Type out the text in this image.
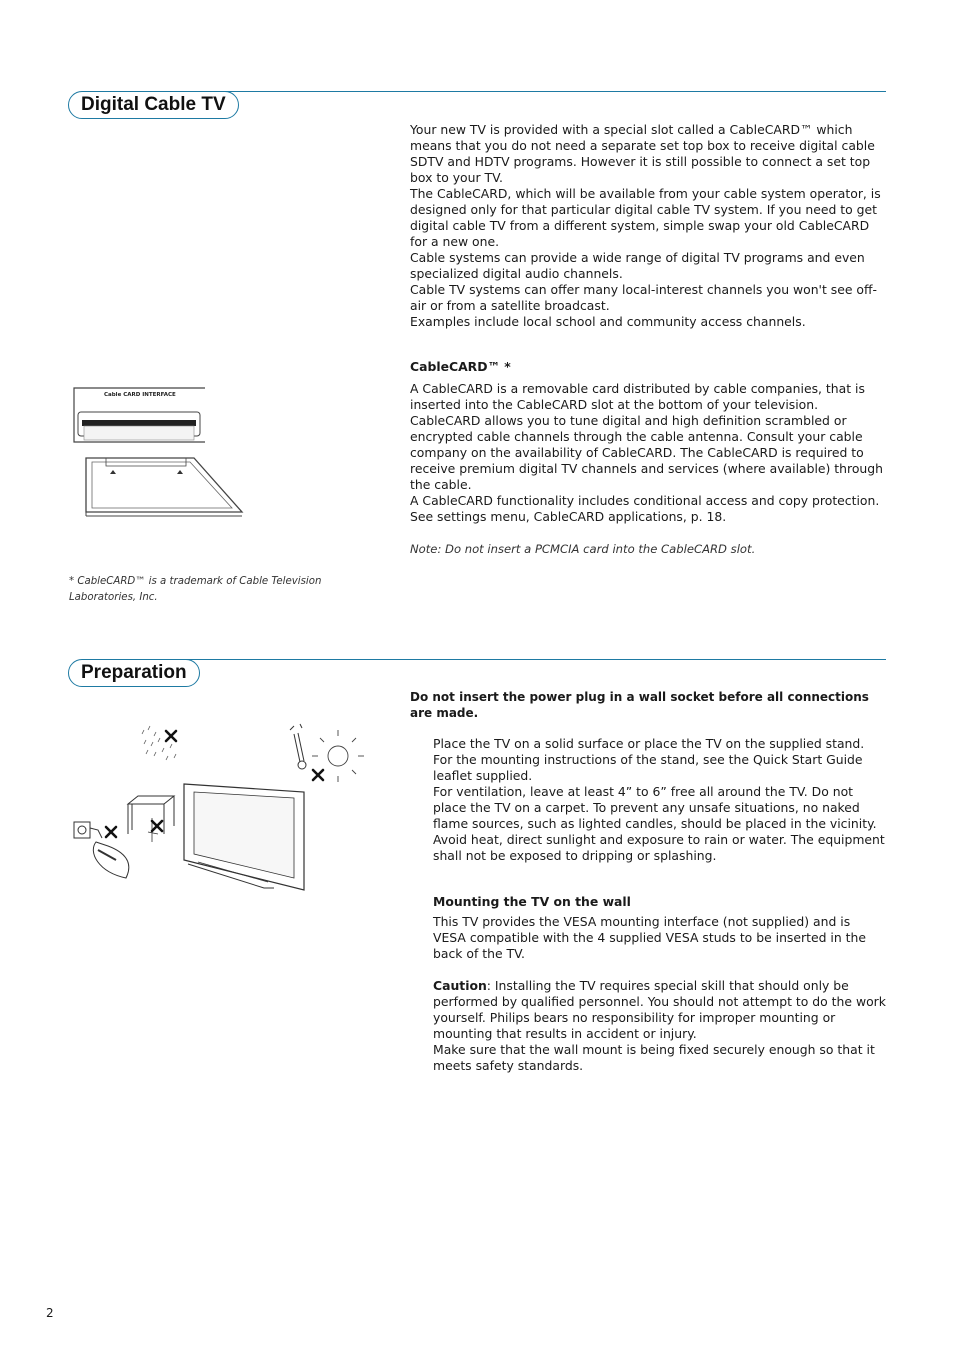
Digital Cable TV

Your new TV is provided with a special slot called a CableCARD™ which means that you do not need a separate set top box to receive digital cable SDTV and HDTV programs. However it is still possible to connect a set top box to your TV.

The CableCARD, which will be available from your cable system operator, is designed only for that particular digital cable TV system. If you need to get digital cable TV from a different system, simple swap your old CableCARD for a new one.

Cable systems can provide a wide range of digital TV programs and even specialized digital audio channels.

Cable TV systems can offer many local-interest channels you won't see off-air or from a satellite broadcast.

Examples include local school and community access channels.

CableCARD™ *

A CableCARD is a removable card distributed by cable companies, that is inserted into the CableCARD slot at the bottom of your television. CableCARD allows you to tune digital and high definition scrambled or encrypted cable channels through the cable antenna. Consult your cable company on the availability of CableCARD. The CableCARD is required to receive premium digital TV channels and services (where available) through the cable.

A CableCARD functionality includes conditional access and copy protection. See settings menu, CableCARD applications, p. 18.

Note: Do not insert a PCMCIA card into the CableCARD slot.

Cable CARD INTERFACE
* CableCARD™ is a trademark of Cable Television Laboratories, Inc.
Preparation
Do not insert the power plug in a wall socket before all connections are made.

Place the TV on a solid surface or place the TV on the supplied stand. For the mounting instructions of the stand, see the Quick Start Guide leaflet supplied.

For ventilation, leave at least 4” to 6” free all around the TV. Do not place the TV on a carpet. To prevent any unsafe situations, no naked flame sources, such as lighted candles, should be placed in the vicinity.

Avoid heat, direct sunlight and exposure to rain or water. The equipment shall not be exposed to dripping or splashing.

Mounting the TV on the wall

This TV provides the VESA mounting interface (not supplied) and is VESA compatible with the 4 supplied VESA studs to be inserted in the back of the TV.

Caution: Installing the TV requires special skill that should only be performed by qualified personnel. You should not attempt to do the work yourself. Philips bears no responsibility for improper mounting or mounting that results in accident or injury.

Make sure that the wall mount is being fixed securely enough so that it meets safety standards.

2
